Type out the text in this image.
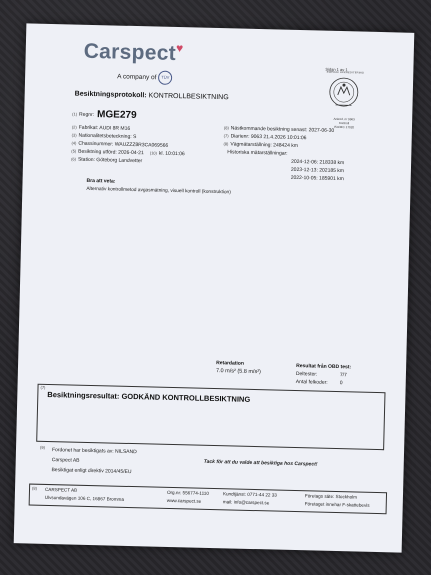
Carspect♥
A company of TÜV
Sidan 1 av 1
SWEDAC ACKREDITERING
Ackred. nr 9963
Kontroll
ISO/IEC 17020
Besiktningsprotokoll: KONTROLLBESIKTNING
(1) Regnr: MGE279
(2) Fabrikat: AUDI 8R M16
(3) Nationalitetsbeteckning: S
(4) Chassinummer: WAUZZZ8R3CA069566
(5) Besiktning utförd: 2026-04-21 (10) kl. 10:01:06
(6) Station: Göteborg Landvetter
(8) Nästkommande besiktning senast: 2027-06-30
(7) Diarienr: 9063 21.4.2026 10:01:06
(8) Vägmätarställning: 248424 km
Historiska mätarställningar:
2024-12-06: 218338 km
2023-12-13: 202185 km
2022-10-05: 185901 km
Bra att veta:
Alternativ kontrollmetod avgasmätning, visuell kontroll (konstruktion)
Retardation
7.0 m/s² (5.8 m/s²)
Resultat från OBD test:
Deltester:	7/7
Antal felkoder: 0
(7)
Besiktningsresultat: GODKÄND KONTROLLBESIKTNING
(9) Fordonet har besiktigats av: NILSAND
Carspect AB
Besiktigat enligt direktiv 2014/45/EU
Tack för att du valde att besiktiga hos Carspect!
(8) CARSPECT AB
Ulvsundavägen 106 C, 16867 Bromma
Org.nr: 556774-1110
www.carspect.se
Kundtjänst: 0771-44 22 33
mail: info@carspect.se
Företags säte: Stockholm
Företaget innehar F-skattebevis
